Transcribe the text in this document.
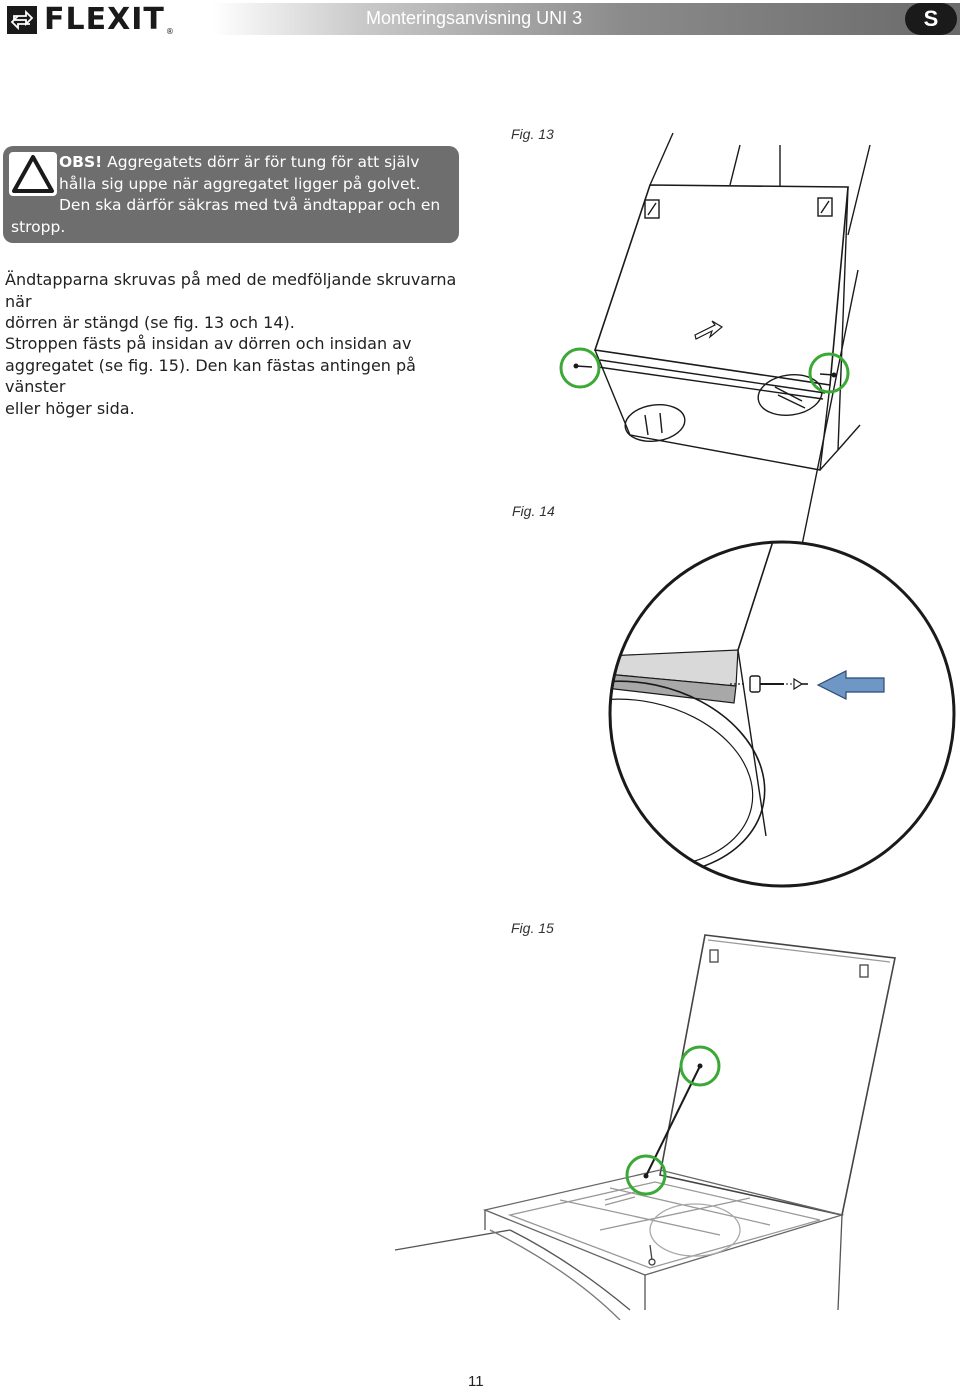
FLEXIT ®
Monteringsanvisning UNI 3	S
OBS! Aggregatets dörr är för tung för att själv
hålla sig uppe när aggregatet ligger på golvet.
Den ska därför säkras med två ändtappar och en
stropp.
Ändtapparna skruvas på med de medföljande skruvarna när
dörren är stängd (se fig. 13 och 14).
Stroppen fästs på insidan av dörren och insidan av
aggregatet (se fig. 15). Den kan fästas antingen på vänster
eller höger sida.
Fig. 13
Fig. 14
Fig. 15
11
